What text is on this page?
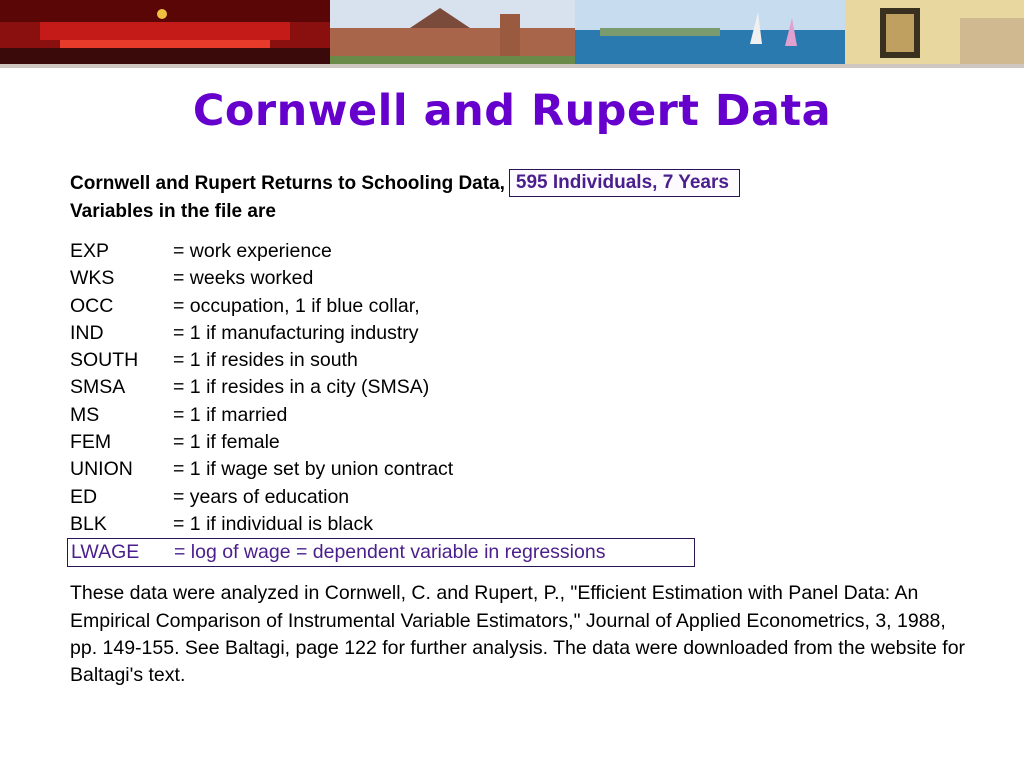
Cornwell and Rupert Data
Cornwell and Rupert Returns to Schooling Data, 595 Individuals, 7 Years
Variables in the file are
EXP	= work experience
WKS	= weeks worked
OCC	= occupation, 1 if blue collar,
IND	= 1 if manufacturing industry
SOUTH	= 1 if resides in south
SMSA	= 1 if resides in a city (SMSA)
MS	= 1 if married
FEM	= 1 if female
UNION	= 1 if wage set by union contract
ED	= years of education
BLK	= 1 if individual is black
LWAGE	= log of wage = dependent variable in regressions
These data were analyzed in Cornwell, C. and Rupert, P., "Efficient Estimation with Panel Data: An Empirical Comparison of Instrumental Variable Estimators," Journal of Applied Econometrics, 3, 1988, pp. 149-155. See Baltagi, page 122 for further analysis. The data were downloaded from the website for Baltagi's text.
